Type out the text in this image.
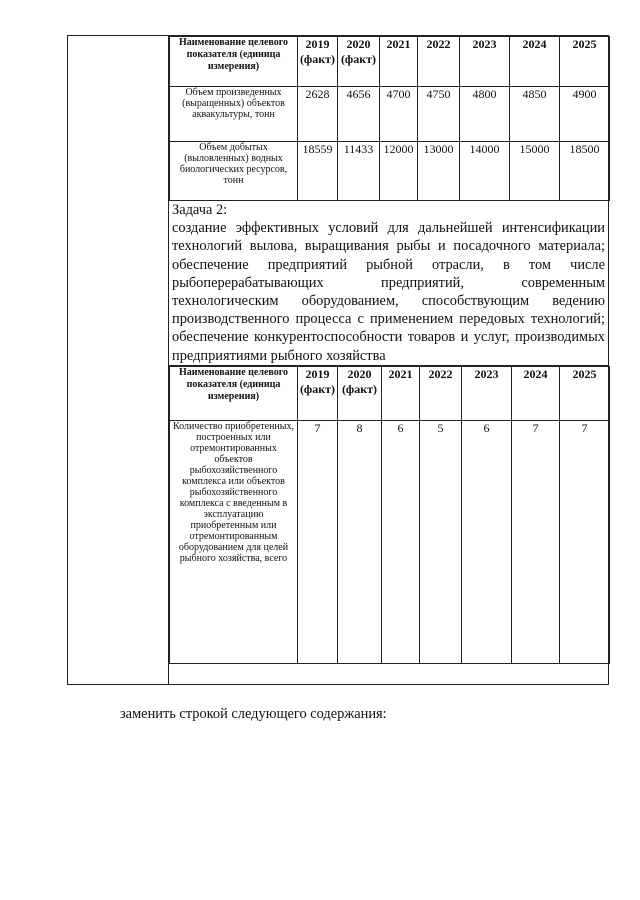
Наименование целевого показателя (единица измерения)	2019 (факт)	2020 (факт)	2021	2022	2023	2024	2025
Объем произведенных (выращенных) объектов аквакультуры, тонн	2628	4656	4700	4750	4800	4850	4900
Объем добытых (выловленных) водных биологических ресурсов, тонн	18559	11433	12000	13000	14000	15000	18500
Задача 2:
создание эффективных условий для дальнейшей интенсификации технологий вылова, выращивания рыбы и посадочного материала; обеспечение предприятий рыбной отрасли, в том числе рыбоперерабатывающих предприятий, современным технологическим оборудованием, способствующим ведению производственного процесса с применением передовых технологий; обеспечение конкурентоспособности товаров и услуг, производимых предприятиями рыбного хозяйства
Наименование целевого показателя (единица измерения)	2019 (факт)	2020 (факт)	2021	2022	2023	2024	2025
Количество приобретенных, построенных или отремонтированных объектов рыбохозяйственного комплекса или объектов рыбохозяйственного комплекса с введенным в эксплуатацию приобретенным или отремонтированным оборудованием для целей рыбного хозяйства, всего	7	8	6	5	6	7	7
заменить строкой следующего содержания:
